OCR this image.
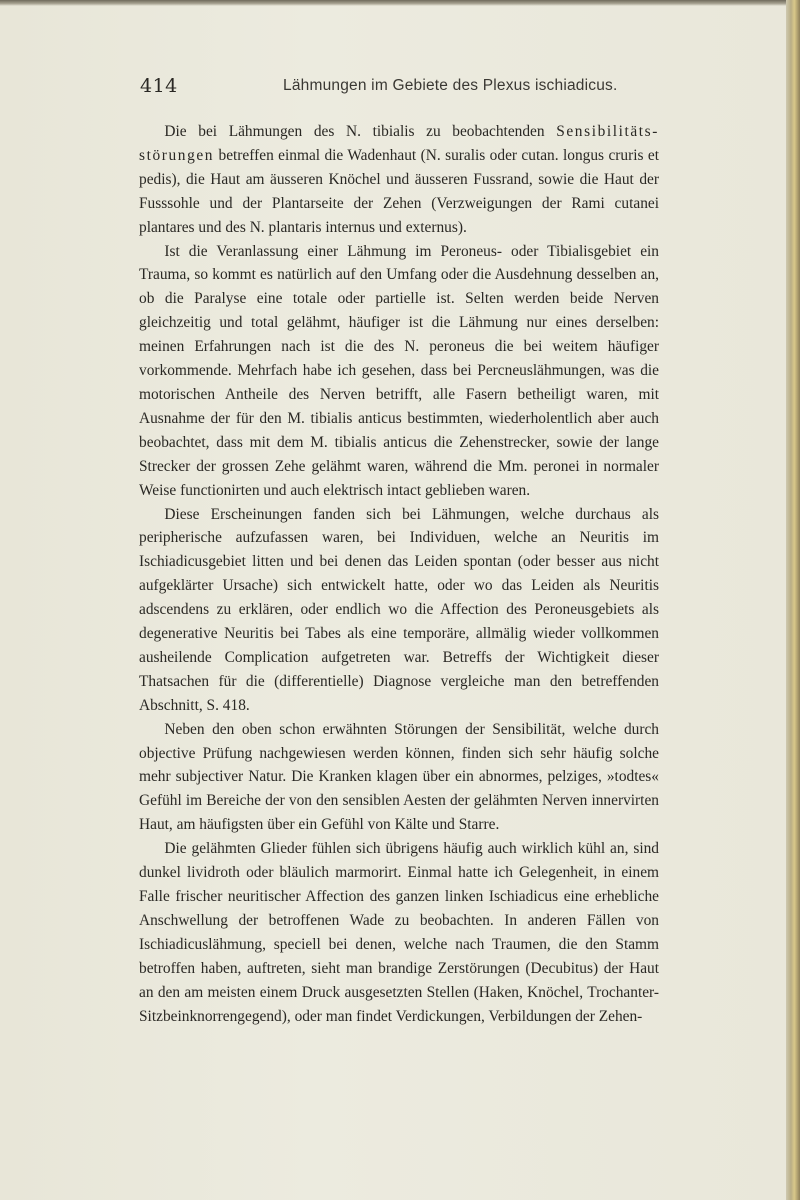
414	Lähmungen im Gebiete des Plexus ischiadicus.

Die bei Lähmungen des N. tibialis zu beobachtenden Sensibilitäts-störungen betreffen einmal die Wadenhaut (N. suralis oder cutan. longus cruris et pedis), die Haut am äusseren Knöchel und äusseren Fussrand, sowie die Haut der Fusssohle und der Plantarseite der Zehen (Verzweigungen der Rami cutanei plantares und des N. plantaris internus und externus).

Ist die Veranlassung einer Lähmung im Peroneus- oder Tibialisgebiet ein Trauma, so kommt es natürlich auf den Umfang oder die Ausdehnung desselben an, ob die Paralyse eine totale oder partielle ist. Selten werden beide Nerven gleichzeitig und total gelähmt, häufiger ist die Lähmung nur eines derselben: meinen Erfahrungen nach ist die des N. peroneus die bei weitem häufiger vorkommende. Mehrfach habe ich gesehen, dass bei Percneuslähmungen, was die motorischen Antheile des Nerven betrifft, alle Fasern betheiligt waren, mit Ausnahme der für den M. tibialis anticus bestimmten, wiederholentlich aber auch beobachtet, dass mit dem M. tibialis anticus die Zehenstrecker, sowie der lange Strecker der grossen Zehe gelähmt waren, während die Mm. peronei in normaler Weise functionirten und auch elektrisch intact geblieben waren.

Diese Erscheinungen fanden sich bei Lähmungen, welche durchaus als peripherische aufzufassen waren, bei Individuen, welche an Neuritis im Ischiadicusgebiet litten und bei denen das Leiden spontan (oder besser aus nicht aufgeklärter Ursache) sich entwickelt hatte, oder wo das Leiden als Neuritis adscendens zu erklären, oder endlich wo die Affection des Peroneusgebiets als degenerative Neuritis bei Tabes als eine temporäre, allmälig wieder vollkommen ausheilende Complication aufgetreten war. Betreffs der Wichtigkeit dieser Thatsachen für die (differentielle) Diagnose vergleiche man den betreffenden Abschnitt, S. 418.

Neben den oben schon erwähnten Störungen der Sensibilität, welche durch objective Prüfung nachgewiesen werden können, finden sich sehr häufig solche mehr subjectiver Natur. Die Kranken klagen über ein abnormes, pelziges, »todtes« Gefühl im Bereiche der von den sensiblen Aesten der gelähmten Nerven innervirten Haut, am häufigsten über ein Gefühl von Kälte und Starre.

Die gelähmten Glieder fühlen sich übrigens häufig auch wirklich kühl an, sind dunkel lividroth oder bläulich marmorirt. Einmal hatte ich Gelegenheit, in einem Falle frischer neuritischer Affection des ganzen linken Ischiadicus eine erhebliche Anschwellung der betroffenen Wade zu beobachten. In anderen Fällen von Ischiadicuslähmung, speciell bei denen, welche nach Traumen, die den Stamm betroffen haben, auftreten, sieht man brandige Zerstörungen (Decubitus) der Haut an den am meisten einem Druck ausgesetzten Stellen (Haken, Knöchel, Trochanter-Sitzbeinknorrengegend), oder man findet Verdickungen, Verbildungen der Zehen-
